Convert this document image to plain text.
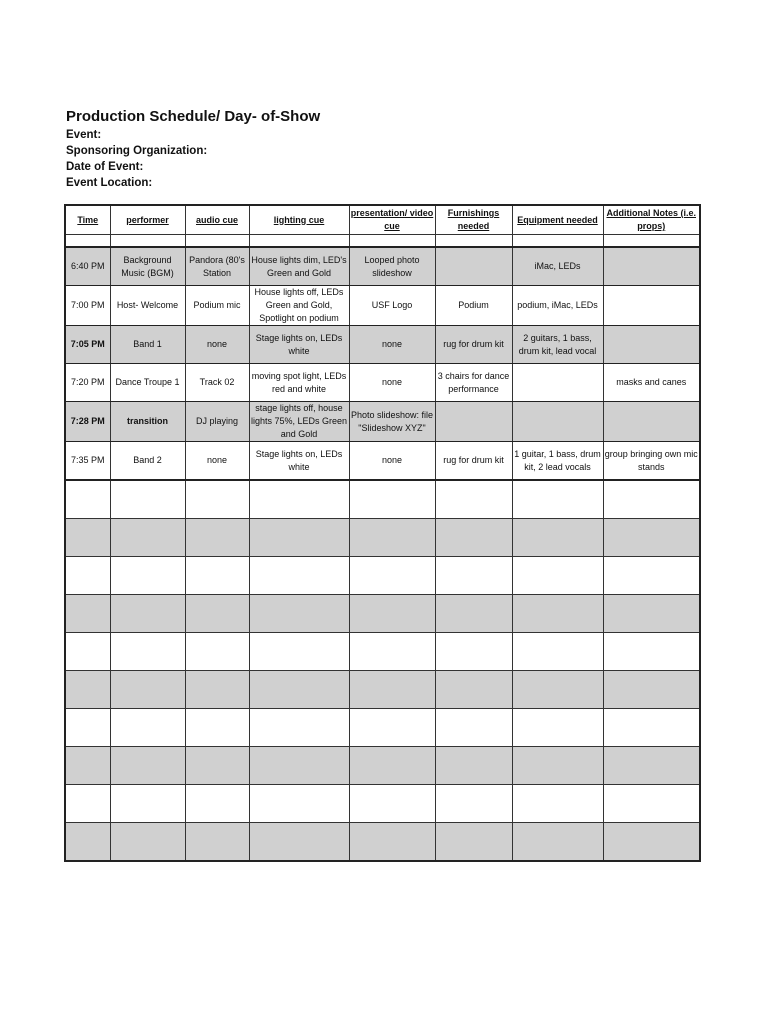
Production Schedule/ Day- of-Show
Event:
Sponsoring Organization:
Date of Event:
Event Location:
Time	performer	audio cue	lighting cue	presentation/ video cue	Furnishings needed	Equipment needed	Additional Notes (i.e. props)

6:40 PM	Background Music (BGM)	Pandora (80's Station	House lights dim, LED's Green and Gold	Looped photo slideshow		iMac, LEDs	
7:00 PM	Host- Welcome	Podium mic	House lights off, LEDs Green and Gold, Spotlight on podium	USF Logo	Podium	podium, iMac, LEDs	
7:05 PM	Band 1	none	Stage lights on, LEDs white	none	rug for drum kit	2 guitars, 1 bass, drum kit, lead vocal	
7:20 PM	Dance Troupe 1	Track 02	moving spot light, LEDs red and white	none	3 chairs for dance performance		masks and canes
7:28 PM	transition	DJ playing	stage lights off, house lights 75%, LEDs Green and Gold	Photo slideshow: file "Slideshow XYZ"			
7:35 PM	Band 2	none	Stage lights on, LEDs white	none	rug for drum kit	1 guitar, 1 bass, drum kit, 2 lead vocals	group bringing own mic stands
